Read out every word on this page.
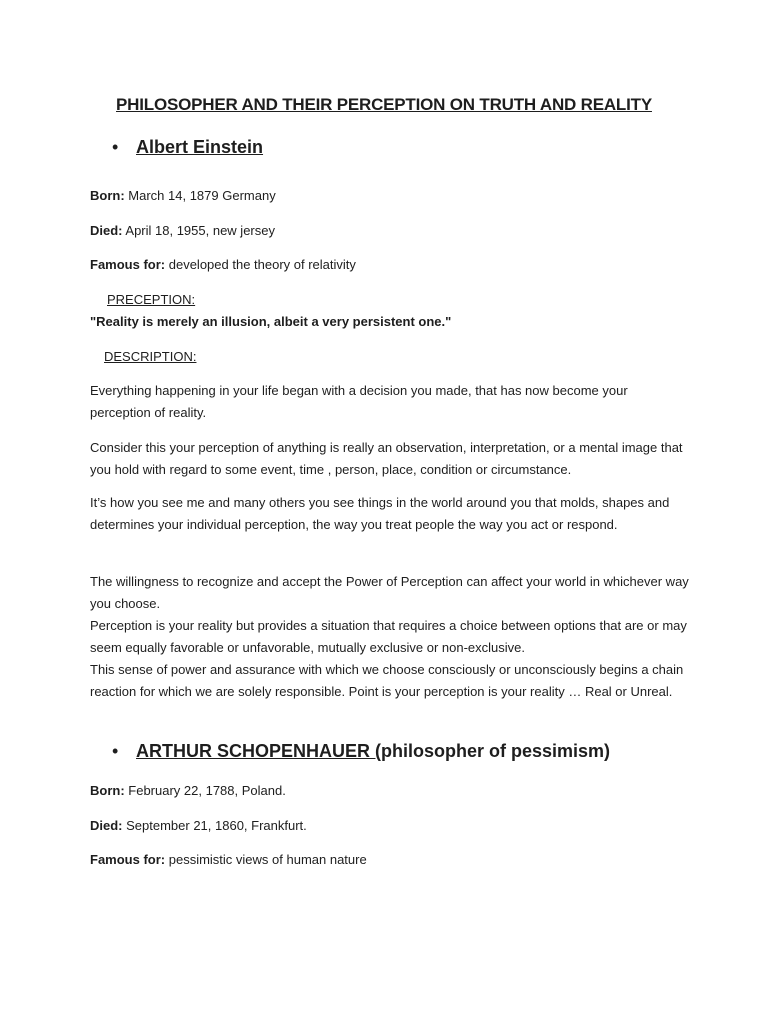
PHILOSOPHER AND THEIR PERCEPTION ON TRUTH AND REALITY
• Albert Einstein
Born: March 14, 1879 Germany
Died: April 18, 1955, new jersey
Famous for: developed the theory of relativity
PRECEPTION:
"Reality is merely an illusion, albeit a very persistent one."
DESCRIPTION:

Everything happening in your life began with a decision you made, that has now become your perception of reality.

Consider this your perception of anything is really an observation, interpretation, or a mental image that you hold with regard to some event, time , person, place, condition or circumstance.

It’s how you see me and many others you see things in the world around you that molds, shapes and determines your individual perception, the way you treat people the way you act or respond.

The willingness to recognize and accept the Power of Perception can affect your world in whichever way you choose.

Perception is your reality but provides a situation that requires a choice between options that are or may seem equally favorable or unfavorable, mutually exclusive or non-exclusive.

This sense of power and assurance with which we choose consciously or unconsciously begins a chain reaction for which we are solely responsible. Point is your perception is your reality … Real or Unreal.

• ARTHUR SCHOPENHAUER ( philosopher of pessimism)
Born: February 22, 1788, Poland.
Died: September 21, 1860, Frankfurt.
Famous for: pessimistic views of human nature
